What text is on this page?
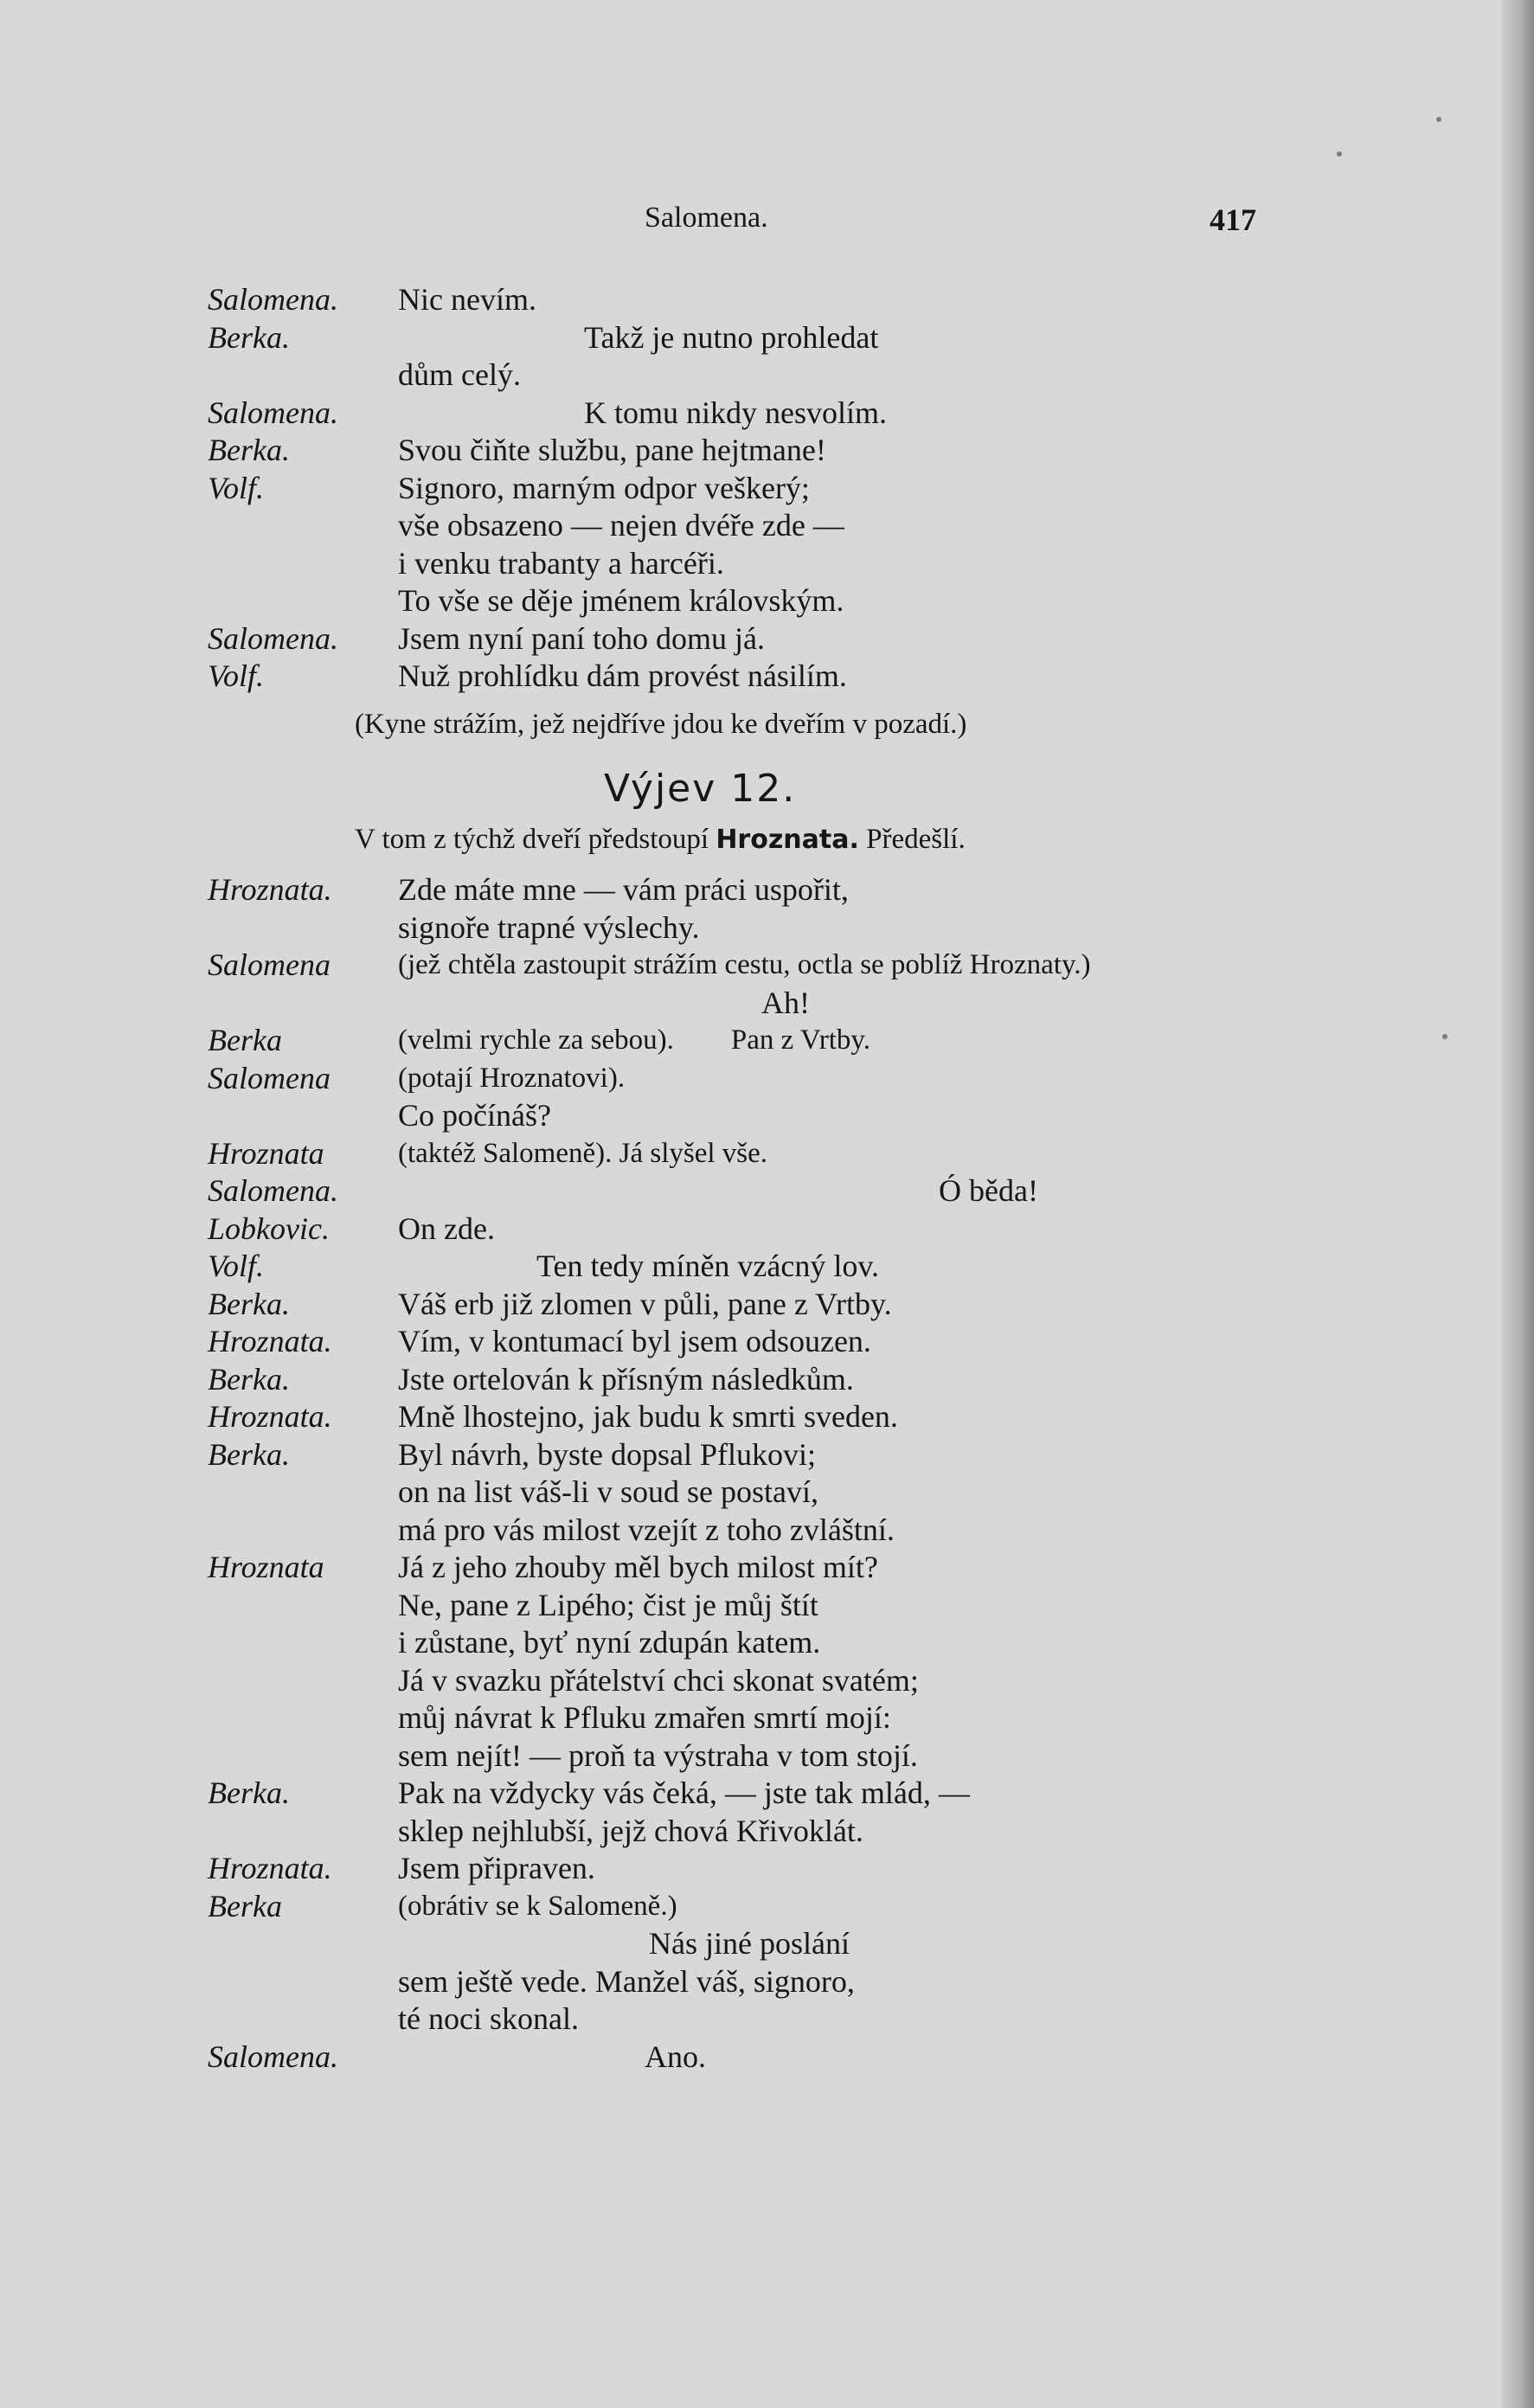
Salomena.	417
Salomena. Nic nevím.
Berka.	Takž je nutno prohledat
dům celý.
Salomena.	K tomu nikdy nesvolím.
Berka.	Svou čiňte službu, pane hejtmane!
Volf.	Signoro, marným odpor veškerý;
vše obsazeno — nejen dvéře zde —
i venku trabanty a harcéři.
To vše se děje jménem královským.
Salomena. Jsem nyní paní toho domu já.
Volf.	Nuž prohlídku dám provést násilím.
(Kyne strážím, jež nejdříve jdou ke dveřím v pozadí.)
Výjev 12.
V tom z týchž dveří předstoupí Hroznata. Předešlí.
Hroznata. Zde máte mne — vám práci uspořit,
signoře trapné výslechy.
Salomena (jež chtěla zastoupit strážím cestu, octla se poblíž Hroznaty.)
Ah!
Berka	(velmi rychle za sebou).        Pan z Vrtby.
Salomena (potají Hroznatovi).
Co počínáš?
Hroznata	(taktéž Salomeně). Já slyšel vše.
Salomena.	Ó běda!
Lobkovic. On zde.
Volf.	Ten tedy míněn vzácný lov.
Berka.	Váš erb již zlomen v půli, pane z Vrtby.
Hroznata. Vím, v kontumací byl jsem odsouzen.
Berka.	Jste ortelován k přísným následkům.
Hroznata. Mně lhostejno, jak budu k smrti sveden.
Berka.	Byl návrh, byste dopsal Pflukovi;
on na list váš-li v soud se postaví,
má pro vás milost vzejít z toho zvláštní.
Hroznata Já z jeho zhouby měl bych milost mít?
Ne, pane z Lipého; čist je můj štít
i zůstane, byť nyní zdupán katem.
Já v svazku přátelství chci skonat svatém;
můj návrat k Pfluku zmařen smrtí mojí:
sem nejít! — proň ta výstraha v tom stojí.
Berka.	Pak na vždycky vás čeká, — jste tak mlád, —
sklep nejhlubší, jejž chová Křivoklát.
Hroznata. Jsem připraven.
Berka	(obrátiv se k Salomeně.)
Nás jiné poslání
sem ještě vede. Manžel váš, signoro,
té noci skonal.
Salomena.	Ano.
